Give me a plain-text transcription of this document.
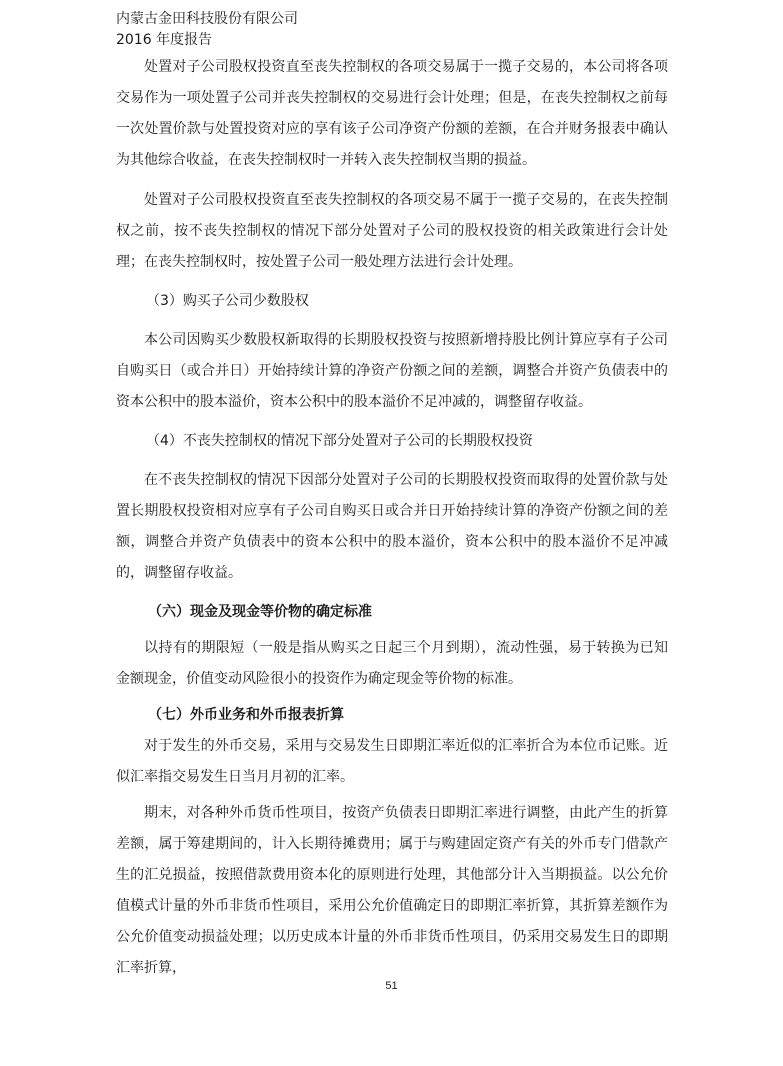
内蒙古金田科技股份有限公司
2016 年度报告

处置对子公司股权投资直至丧失控制权的各项交易属于一揽子交易的，本公司将各项交易作为一项处置子公司并丧失控制权的交易进行会计处理；但是，在丧失控制权之前每一次处置价款与处置投资对应的享有该子公司净资产份额的差额，在合并财务报表中确认为其他综合收益，在丧失控制权时一并转入丧失控制权当期的损益。

处置对子公司股权投资直至丧失控制权的各项交易不属于一揽子交易的，在丧失控制权之前，按不丧失控制权的情况下部分处置对子公司的股权投资的相关政策进行会计处理；在丧失控制权时，按处置子公司一般处理方法进行会计处理。

（3）购买子公司少数股权

本公司因购买少数股权新取得的长期股权投资与按照新增持股比例计算应享有子公司自购买日（或合并日）开始持续计算的净资产份额之间的差额，调整合并资产负债表中的资本公积中的股本溢价，资本公积中的股本溢价不足冲减的，调整留存收益。

（4）不丧失控制权的情况下部分处置对子公司的长期股权投资

在不丧失控制权的情况下因部分处置对子公司的长期股权投资而取得的处置价款与处置长期股权投资相对应享有子公司自购买日或合并日开始持续计算的净资产份额之间的差额，调整合并资产负债表中的资本公积中的股本溢价，资本公积中的股本溢价不足冲减的，调整留存收益。

（六）现金及现金等价物的确定标准

以持有的期限短（一般是指从购买之日起三个月到期），流动性强，易于转换为已知金额现金，价值变动风险很小的投资作为确定现金等价物的标准。

（七）外币业务和外币报表折算

对于发生的外币交易，采用与交易发生日即期汇率近似的汇率折合为本位币记账。近似汇率指交易发生日当月月初的汇率。

期末，对各种外币货币性项目，按资产负债表日即期汇率进行调整，由此产生的折算差额，属于筹建期间的，计入长期待摊费用；属于与购建固定资产有关的外币专门借款产生的汇兑损益，按照借款费用资本化的原则进行处理，其他部分计入当期损益。以公允价值模式计量的外币非货币性项目，采用公允价值确定日的即期汇率折算，其折算差额作为公允价值变动损益处理；以历史成本计量的外币非货币性项目，仍采用交易发生日的即期汇率折算，

51
